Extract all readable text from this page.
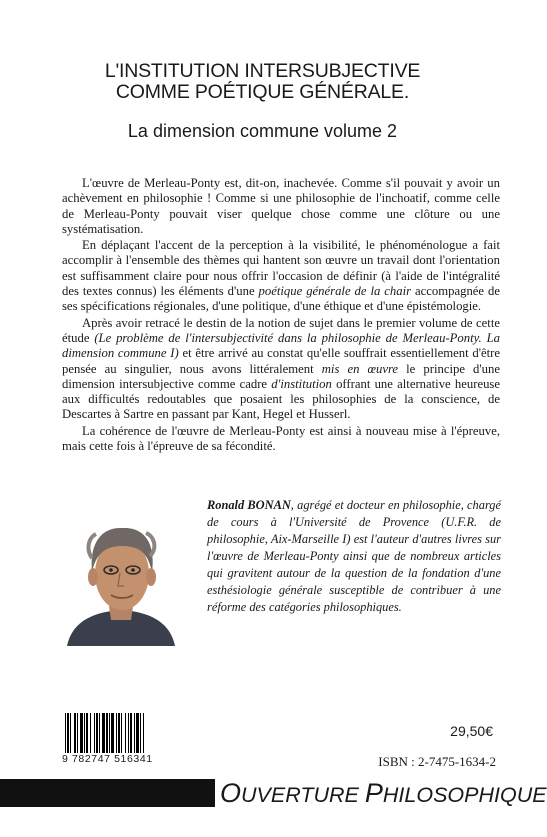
L'INSTITUTION INTERSUBJECTIVE
COMME POÉTIQUE GÉNÉRALE.
La dimension commune volume 2

L'œuvre de Merleau-Ponty est, dit-on, inachevée. Comme s'il pouvait y avoir un achèvement en philosophie ! Comme si une philosophie de l'inchoatif, comme celle de Merleau-Ponty pouvait viser quelque chose comme une clôture ou une systématisation.

En déplaçant l'accent de la perception à la visibilité, le phénoménologue a fait accomplir à l'ensemble des thèmes qui hantent son œuvre un travail dont l'orientation est suffisamment claire pour nous offrir l'occasion de définir (à l'aide de l'intégralité des textes connus) les éléments d'une poétique générale de la chair accompagnée de ses spécifications régionales, d'une politique, d'une éthique et d'une épistémologie.

Après avoir retracé le destin de la notion de sujet dans le premier volume de cette étude (Le problème de l'intersubjectivité dans la philosophie de Merleau-Ponty. La dimension commune I) et être arrivé au constat qu'elle souffrait essentiellement d'être pensée au singulier, nous avons littéralement mis en œuvre le principe d'une dimension intersubjective comme cadre d'institution offrant une alternative heureuse aux difficultés redoutables que posaient les philosophies de la conscience, de Descartes à Sartre en passant par Kant, Hegel et Husserl.

La cohérence de l'œuvre de Merleau-Ponty est ainsi à nouveau mise à l'épreuve, mais cette fois à l'épreuve de sa fécondité.

Ronald BONAN, agrégé et docteur en philosophie, chargé de cours à l'Université de Provence (U.F.R. de philosophie, Aix-Marseille I) est l'auteur d'autres livres sur l'œuvre de Merleau-Ponty ainsi que de nombreux articles qui gravitent autour de la question de la fondation d'une esthésiologie générale susceptible de contribuer à une réforme des catégories philosophiques.
9 782747 516341
29,50€
ISBN : 2-7475-1634-2
OUVERTURE PHILOSOPHIQUE
